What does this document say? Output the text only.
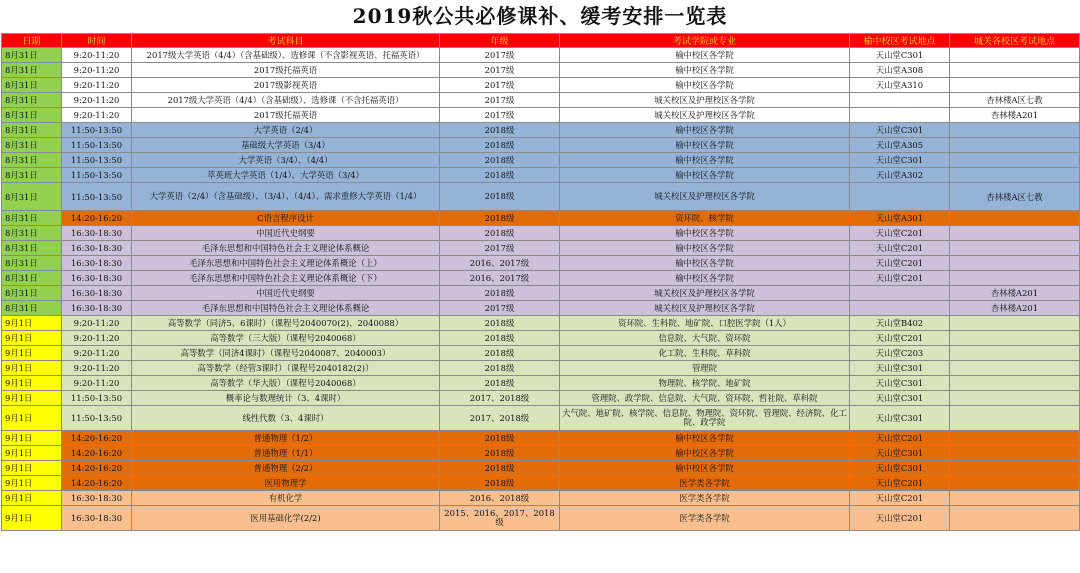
2019秋公共必修课补、缓考安排一览表
日期	时间	考试科目	年级	考试学院或专业	榆中校区考试地点	城关各校区考试地点
8月31日	9:20-11:20	2017级大学英语（4/4）（含基础级）、选修课（不含影视英语、托福英语）	2017级	榆中校区各学院	天山堂C301	
8月31日	9:20-11:20	2017级托福英语	2017级	榆中校区各学院	天山堂A308	
8月31日	9:20-11:20	2017级影视英语	2017级	榆中校区各学院	天山堂A310	
8月31日	9:20-11:20	2017级大学英语（4/4）（含基础级）、选修课（不含托福英语）	2017级	城关校区及护理校区各学院		杏林楼A区七教
8月31日	9:20-11:20	2017级托福英语	2017级	城关校区及护理校区各学院		杏林楼A201
8月31日	11:50-13:50	大学英语（2/4）	2018级	榆中校区各学院	天山堂C301	
8月31日	11:50-13:50	基础级大学英语（3/4）	2018级	榆中校区各学院	天山堂A305	
8月31日	11:50-13:50	大学英语（3/4）、（4/4）	2018级	榆中校区各学院	天山堂C301	
8月31日	11:50-13:50	萃英班大学英语（1/4）、大学英语（3/4）	2018级	榆中校区各学院	天山堂A302	
8月31日	11:50-13:50	大学英语（2/4）（含基础级）、（3/4）、（4/4）、需求重修大学英语（1/4）	2018级	城关校区及护理校区各学院		杏林楼A区七教
8月31日	14:20-16:20	C语言程序设计	2018级	资环院、核学院	天山堂A301	
8月31日	16:30-18:30	中国近代史纲要	2018级	榆中校区各学院	天山堂C201	
8月31日	16:30-18:30	毛泽东思想和中国特色社会主义理论体系概论	2017级	榆中校区各学院	天山堂C201	
8月31日	16:30-18:30	毛泽东思想和中国特色社会主义理论体系概论（上）	2016、2017级	榆中校区各学院	天山堂C201	
8月31日	16:30-18:30	毛泽东思想和中国特色社会主义理论体系概论（下）	2016、2017级	榆中校区各学院	天山堂C201	
8月31日	16:30-18:30	中国近代史纲要	2018级	城关校区及护理校区各学院		杏林楼A201
8月31日	16:30-18:30	毛泽东思想和中国特色社会主义理论体系概论	2017级	城关校区及护理校区各学院		杏林楼A201
9月1日	9:20-11:20	高等数学（同济5、6课时）（课程号2040070(2)、2040088）	2018级	资环院、生科院、地矿院、口腔医学院（1人）	天山堂B402	
9月1日	9:20-11:20	高等数学（三大版）（课程号2040068）	2018级	信息院、大气院、资环院	天山堂C201	
9月1日	9:20-11:20	高等数学（同济4课时）（课程号2040087、2040003）	2018级	化工院、生科院、草科院	天山堂C203	
9月1日	9:20-11:20	高等数学（经管3课时）（课程号2040182(2)）	2018级	管理院	天山堂C301	
9月1日	9:20-11:20	高等数学（华大版）（课程号2040068）	2018级	物理院、核学院、地矿院	天山堂C301	
9月1日	11:50-13:50	概率论与数理统计（3、4课时）	2017、2018级	管理院、政学院、信息院、大气院、资环院、哲社院、草科院	天山堂C301	
9月1日	11:50-13:50	线性代数（3、4课时）	2017、2018级	大气院、地矿院、核学院、信息院、物理院、资环院、管理院、经济院、化工院、政学院	天山堂C301	
9月1日	14:20-16:20	普通物理（1/2）	2018级	榆中校区各学院	天山堂C201	
9月1日	14:20-16:20	普通物理（1/1）	2018级	榆中校区各学院	天山堂C301	
9月1日	14:20-16:20	普通物理（2/2）	2018级	榆中校区各学院	天山堂C301	
9月1日	14:20-16:20	医用物理学	2018级	医学类各学院	天山堂C201	
9月1日	16:30-18:30	有机化学	2016、2018级	医学类各学院	天山堂C201	
9月1日	16:30-18:30	医用基础化学(2/2)	2015、2016、2017、2018级	医学类各学院	天山堂C201	
